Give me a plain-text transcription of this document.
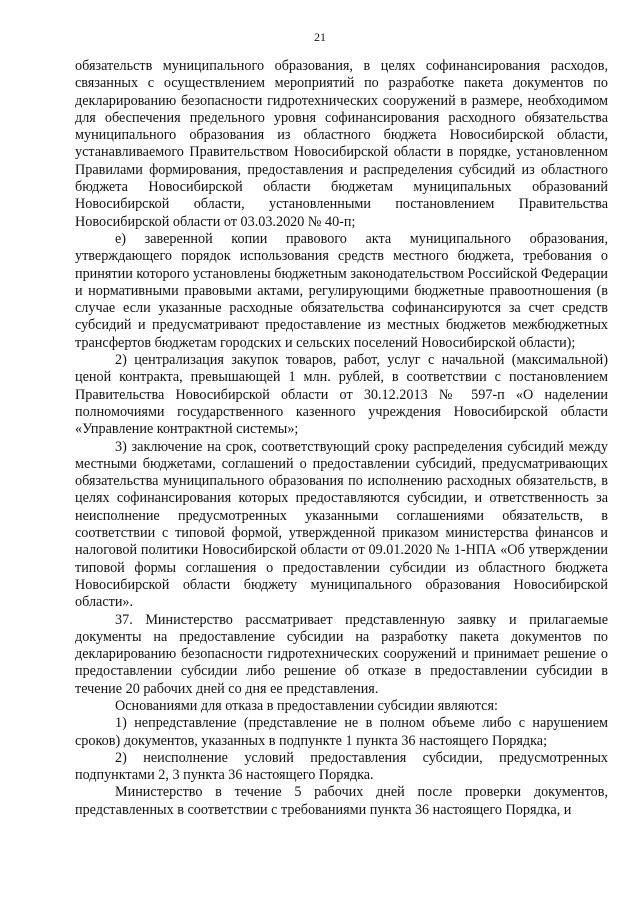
21

обязательств муниципального образования, в целях софинансирования расходов, связанных с осуществлением мероприятий по разработке пакета документов по декларированию безопасности гидротехнических сооружений в размере, необходимом для обеспечения предельного уровня софинансирования расходного обязательства муниципального образования из областного бюджета Новосибирской области, устанавливаемого Правительством Новосибирской области в порядке, установленном Правилами формирования, предоставления и распределения субсидий из областного бюджета Новосибирской области бюджетам муниципальных образований Новосибирской области, установленными постановлением Правительства Новосибирской области от 03.03.2020 № 40-п;

е) заверенной копии правового акта муниципального образования, утверждающего порядок использования средств местного бюджета, требования о принятии которого установлены бюджетным законодательством Российской Федерации и нормативными правовыми актами, регулирующими бюджетные правоотношения (в случае если указанные расходные обязательства софинансируются за счет средств субсидий и предусматривают предоставление из местных бюджетов межбюджетных трансфертов бюджетам городских и сельских поселений Новосибирской области);

2) централизация закупок товаров, работ, услуг с начальной (максимальной) ценой контракта, превышающей 1 млн. рублей, в соответствии с постановлением Правительства Новосибирской области от 30.12.2013 № 597-п «О наделении полномочиями государственного казенного учреждения Новосибирской области «Управление контрактной системы»;

3) заключение на срок, соответствующий сроку распределения субсидий между местными бюджетами, соглашений о предоставлении субсидий, предусматривающих обязательства муниципального образования по исполнению расходных обязательств, в целях софинансирования которых предоставляются субсидии, и ответственность за неисполнение предусмотренных указанными соглашениями обязательств, в соответствии с типовой формой, утвержденной приказом министерства финансов и налоговой политики Новосибирской области от 09.01.2020 № 1-НПА «Об утверждении типовой формы соглашения о предоставлении субсидии из областного бюджета Новосибирской области бюджету муниципального образования Новосибирской области».

37. Министерство рассматривает представленную заявку и прилагаемые документы на предоставление субсидии на разработку пакета документов по декларированию безопасности гидротехнических сооружений и принимает решение о предоставлении субсидии либо решение об отказе в предоставлении субсидии в течение 20 рабочих дней со дня ее представления.

Основаниями для отказа в предоставлении субсидии являются:

1) непредставление (представление не в полном объеме либо с нарушением сроков) документов, указанных в подпункте 1 пункта 36 настоящего Порядка;

2) неисполнение условий предоставления субсидии, предусмотренных подпунктами 2, 3 пункта 36 настоящего Порядка.

Министерство в течение 5 рабочих дней после проверки документов, представленных в соответствии с требованиями пункта 36 настоящего Порядка, и
